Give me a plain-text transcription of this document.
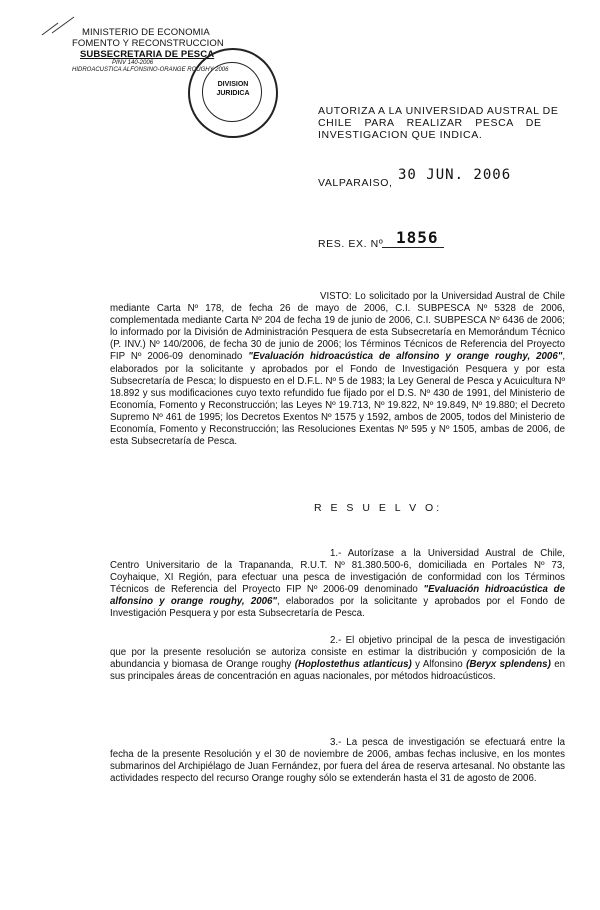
MINISTERIO DE ECONOMIA
FOMENTO Y RECONSTRUCCION
SUBSECRETARIA DE PESCA
PINV 140-2006
HIDROACUSTICA ALFONSINO-ORANGE ROUGHY 2006
DIVISION
JURIDICA
AUTORIZA A LA UNIVERSIDAD AUSTRAL DE
CHILE PARA REALIZAR PESCA DE
INVESTIGACION QUE INDICA.
VALPARAISO, 30 JUN. 2006
RES. EX. Nº 1856

VISTO: Lo solicitado por la Universidad Austral de Chile mediante Carta Nº 178, de fecha 26 de mayo de 2006, C.I. SUBPESCA Nº 5328 de 2006, complementada mediante Carta Nº 204 de fecha 19 de junio de 2006, C.I. SUBPESCA Nº 6436 de 2006; lo informado por la División de Administración Pesquera de esta Subsecretaría en Memorándum Técnico (P. INV.) Nº 140/2006, de fecha 30 de junio de 2006; los Términos Técnicos de Referencia del Proyecto FIP Nº 2006-09 denominado "Evaluación hidroacústica de alfonsino y orange roughy, 2006", elaborados por la solicitante y aprobados por el Fondo de Investigación Pesquera y por esta Subsecretaría de Pesca; lo dispuesto en el D.F.L. Nº 5 de 1983; la Ley General de Pesca y Acuicultura Nº 18.892 y sus modificaciones cuyo texto refundido fue fijado por el D.S. Nº 430 de 1991, del Ministerio de Economía, Fomento y Reconstrucción; las Leyes Nº 19.713, Nº 19.822, Nº 19.849, Nº 19.880; el Decreto Supremo Nº 461 de 1995; los Decretos Exentos Nº 1575 y 1592, ambos de 2005, todos del Ministerio de Economía, Fomento y Reconstrucción; las Resoluciones Exentas Nº 595 y Nº 1505, ambas de 2006, de esta Subsecretaría de Pesca.

R E S U E L V O:

1.- Autorízase a la Universidad Austral de Chile, Centro Universitario de la Trapananda, R.U.T. Nº 81.380.500-6, domiciliada en Portales Nº 73, Coyhaique, XI Región, para efectuar una pesca de investigación de conformidad con los Términos Técnicos de Referencia del Proyecto FIP Nº 2006-09 denominado "Evaluación hidroacústica de alfonsino y orange roughy, 2006", elaborados por la solicitante y aprobados por el Fondo de Investigación Pesquera y por esta Subsecretaría de Pesca.

2.- El objetivo principal de la pesca de investigación que por la presente resolución se autoriza consiste en estimar la distribución y composición de la abundancia y biomasa de Orange roughy (Hoplostethus atlanticus) y Alfonsino (Beryx splendens) en sus principales áreas de concentración en aguas nacionales, por métodos hidroacústicos.

3.- La pesca de investigación se efectuará entre la fecha de la presente Resolución y el 30 de noviembre de 2006, ambas fechas inclusive, en los montes submarinos del Archipiélago de Juan Fernández, por fuera del área de reserva artesanal. No obstante las actividades respecto del recurso Orange roughy sólo se extenderán hasta el 31 de agosto de 2006.
